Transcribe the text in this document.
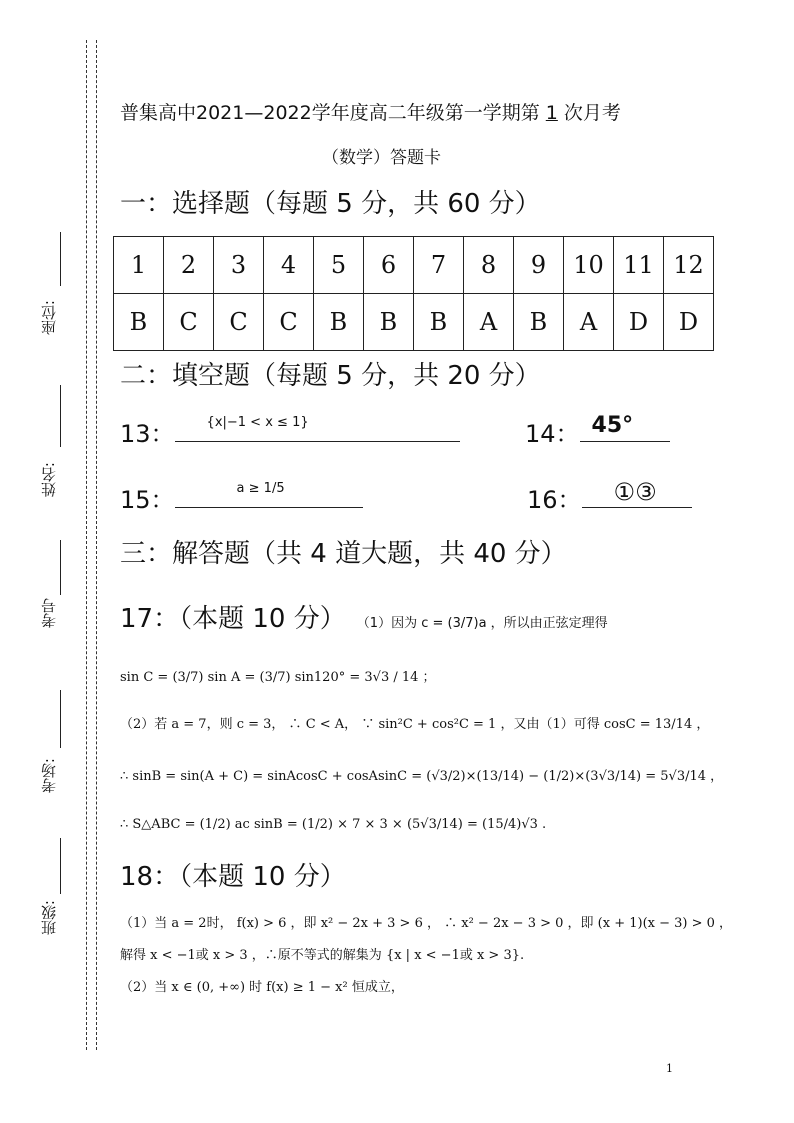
座位:
姓名:
考号
考场:
班级:
普集高中2021—2022学年度高二年级第一学期第 1 次月考
（数学）答题卡
一：选择题（每题 5 分，共 60 分）
1	2	3	4	5	6	7	8	9	10	11	12
B	C	C	C	B	B	B	A	B	A	D	D
二：填空题（每题 5 分，共 20 分）
13： {x|−1 < x ≤ 1}	14： 45°
15：	a ≥ 1/5	16： ①③
三：解答题（共 4 道大题，共 40 分）
17：（本题 10 分） （1）因为 c = (3/7)a ，所以由正弦定理得
sin C = (3/7) sin A = (3/7) sin120° = 3√3 / 14 ；
（2）若 a = 7，则 c = 3， ∴ C < A， ∵ sin²C + cos²C = 1 ，又由（1）可得 cosC = 13/14 ，
∴ sinB = sin(A + C) = sinAcosC + cosAsinC = (√3/2)×(13/14) − (1/2)×(3√3/14) = 5√3/14 ，
∴ S△ABC = (1/2) ac sinB = (1/2) × 7 × 3 × (5√3/14) = (15/4)√3 .
18：（本题 10 分）
（1）当 a = 2时， f(x) > 6 ，即 x² − 2x + 3 > 6 ， ∴ x² − 2x − 3 > 0 ，即 (x + 1)(x − 3) > 0 ，
解得 x < −1或 x > 3 ，∴原不等式的解集为 {x | x < −1或 x > 3}.
（2）当 x ∈ (0, +∞) 时 f(x) ≥ 1 − x² 恒成立，
1
